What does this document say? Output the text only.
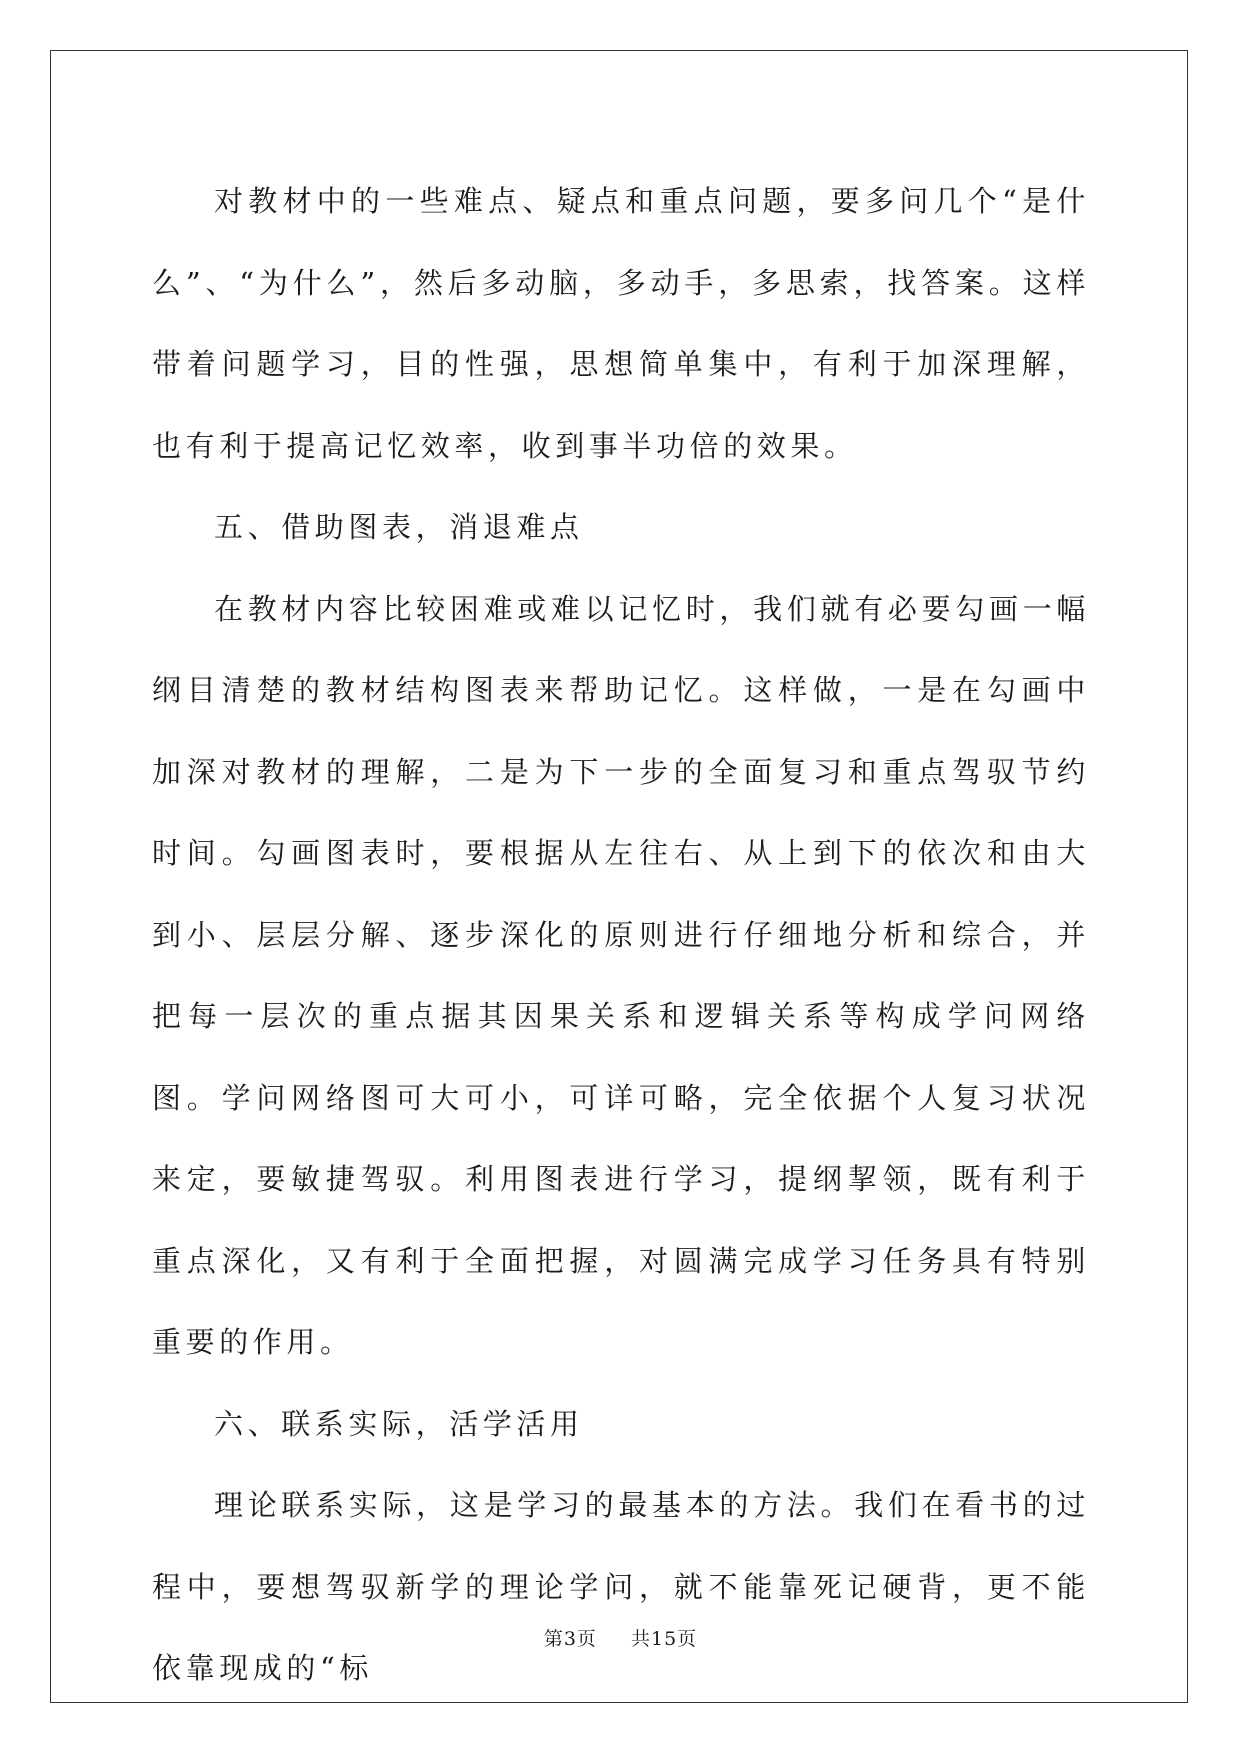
对教材中的一些难点、疑点和重点问题，要多问几个“是什么”、“为什么”，然后多动脑，多动手，多思索，找答案。这样带着问题学习，目的性强，思想简单集中，有利于加深理解，也有利于提高记忆效率，收到事半功倍的效果。

五、借助图表，消退难点

在教材内容比较困难或难以记忆时，我们就有必要勾画一幅纲目清楚的教材结构图表来帮助记忆。这样做，一是在勾画中加深对教材的理解，二是为下一步的全面复习和重点驾驭节约时间。勾画图表时，要根据从左往右、从上到下的依次和由大到小、层层分解、逐步深化的原则进行仔细地分析和综合，并把每一层次的重点据其因果关系和逻辑关系等构成学问网络图。学问网络图可大可小，可详可略，完全依据个人复习状况来定，要敏捷驾驭。利用图表进行学习，提纲挈领，既有利于重点深化，又有利于全面把握，对圆满完成学习任务具有特别重要的作用。

六、联系实际，活学活用

理论联系实际，这是学习的最基本的方法。我们在看书的过程中，要想驾驭新学的理论学问，就不能靠死记硬背，更不能依靠现成的“标

第3页 共15页
